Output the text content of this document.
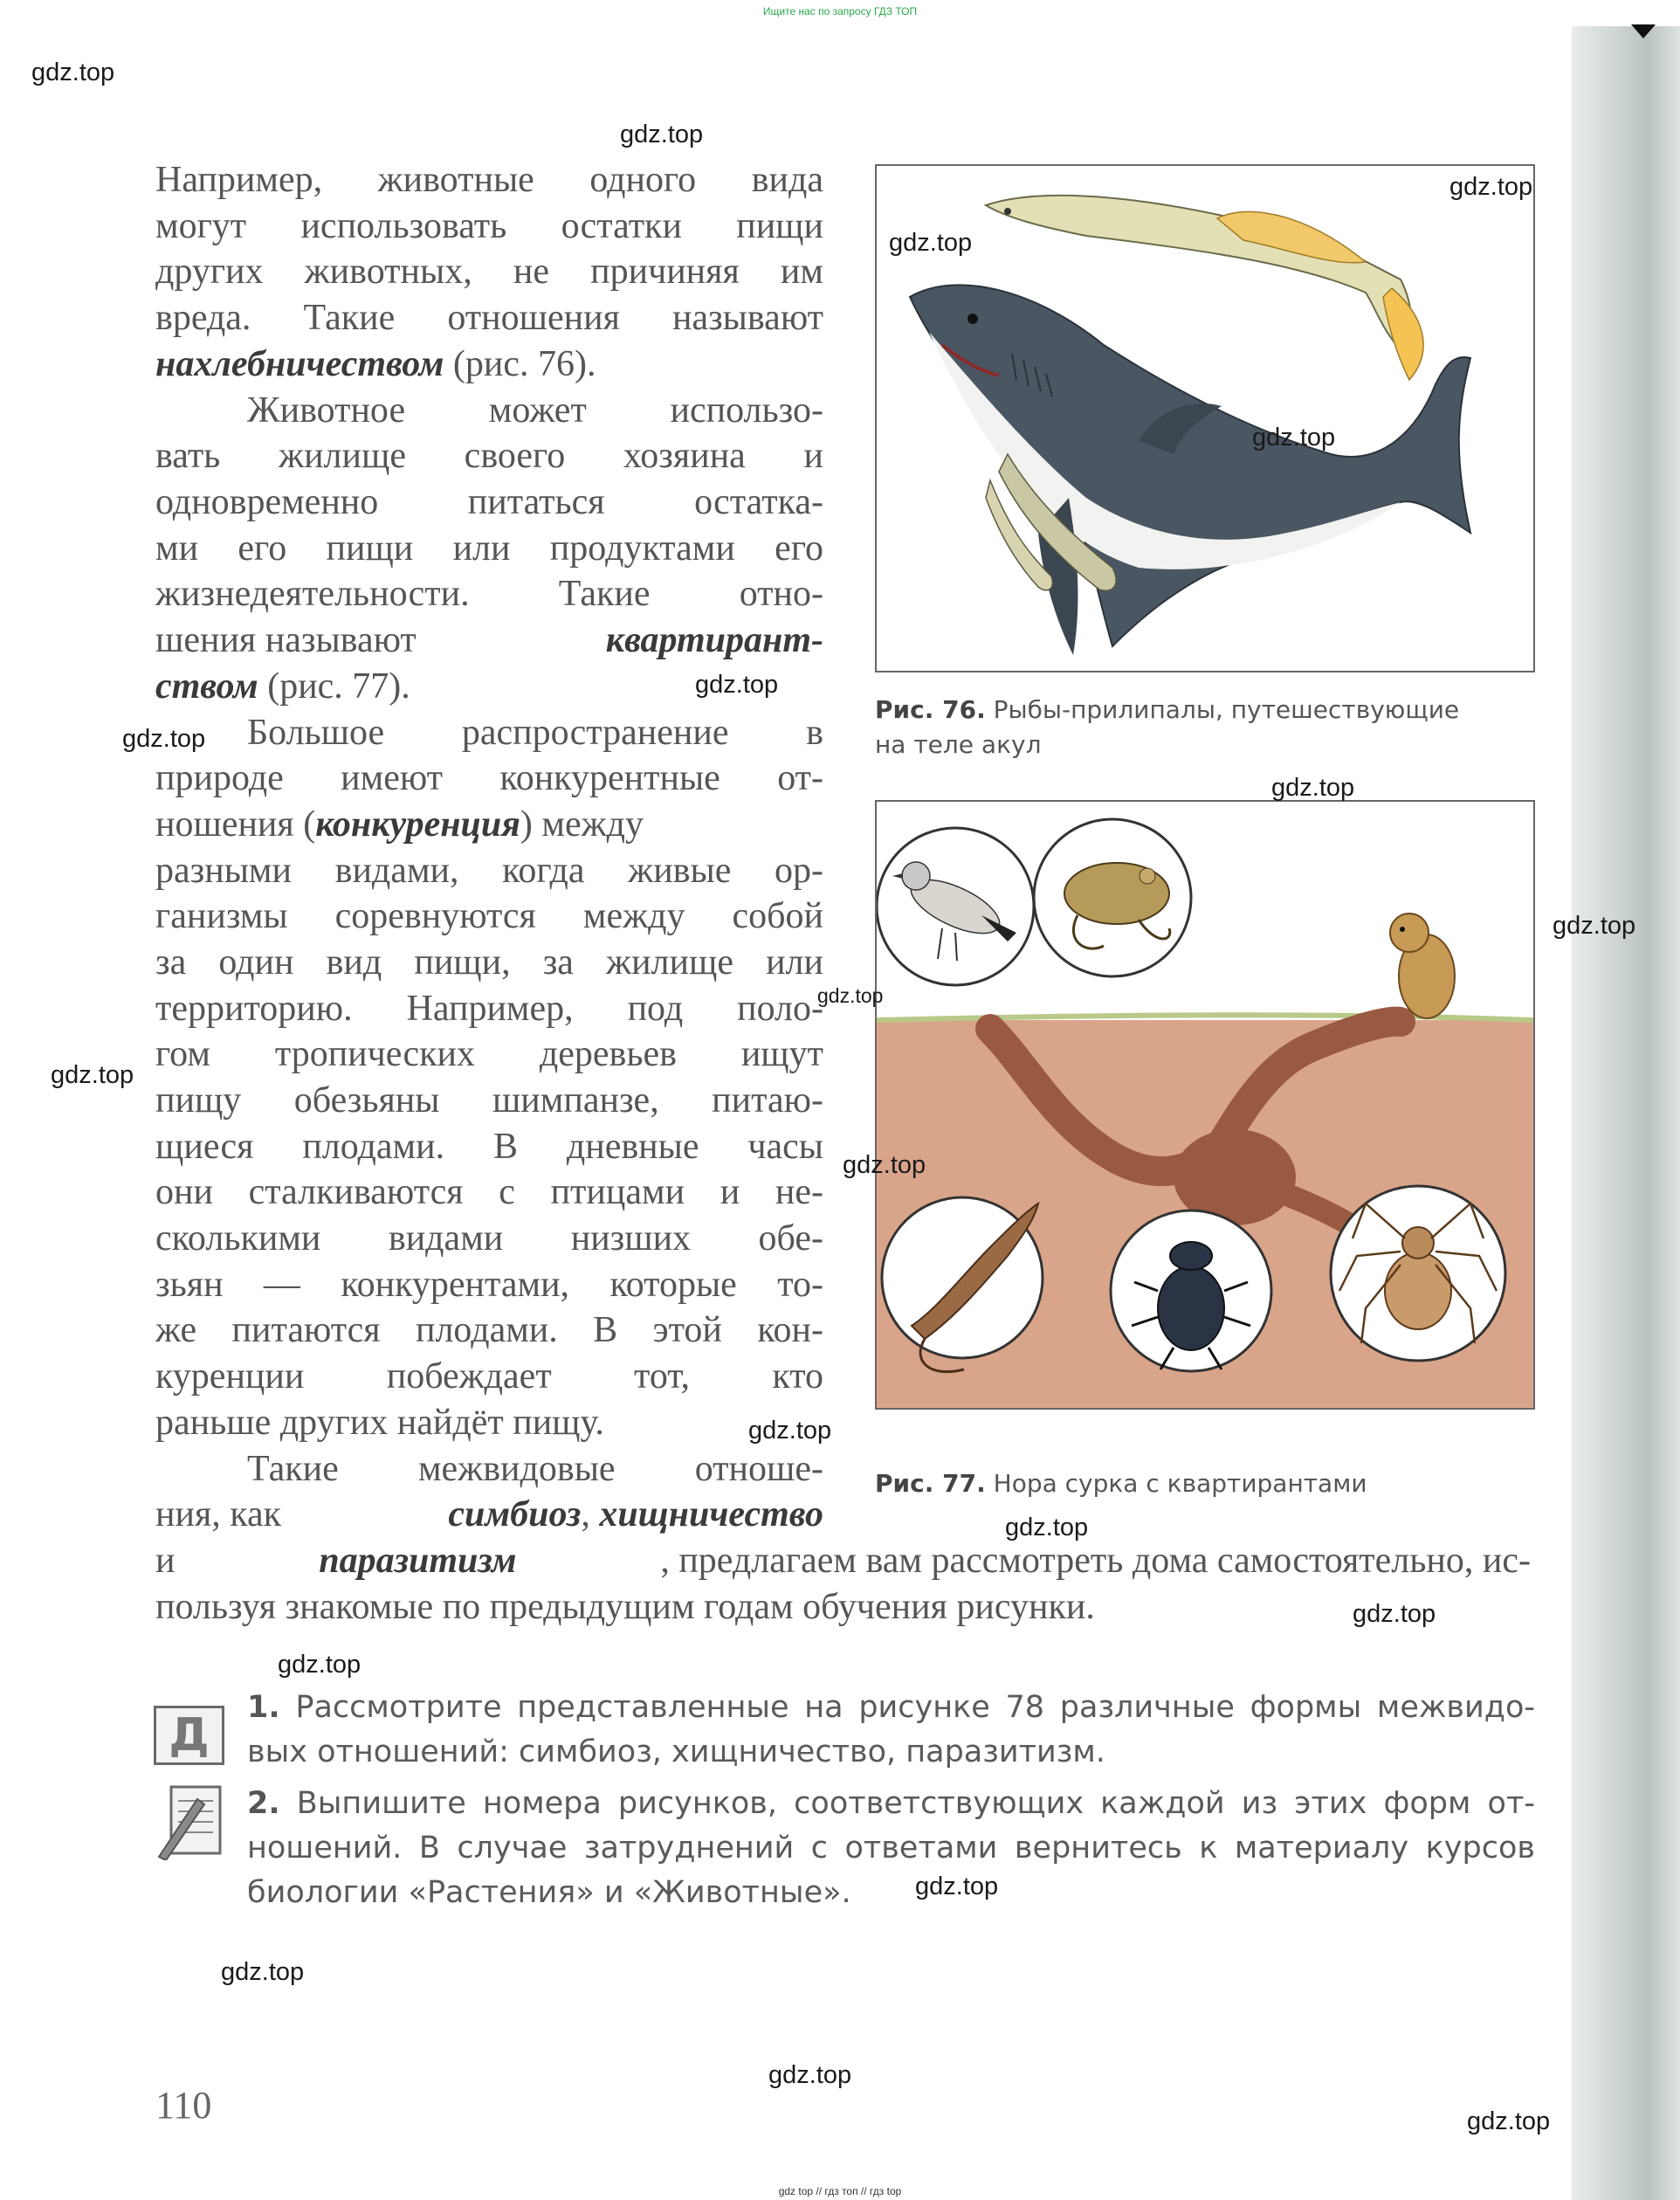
Ищите нас по запросу ГДЗ ТОП
Например, животные одного вида
могут использовать остатки пищи
других животных, не причиняя им
вреда. Такие отношения называют
нахлебничеством (рис. 76).
Животное может использо-
вать жилище своего хозяина и
одновременно питаться остатка-
ми его пищи или продуктами его
жизнедеятельности. Такие отно-
шения называют	квартирант-
ством (рис. 77).
Большое распространение в
природе имеют конкурентные от-
ношения (конкуренция) между
разными видами, когда живые ор-
ганизмы соревнуются между собой
за один вид пищи, за жилище или
территорию. Например, под поло-
гом тропических деревьев ищут
пищу обезьяны шимпанзе, питаю-
щиеся плодами. В дневные часы
они сталкиваются с птицами и не-
сколькими видами низших обе-
зьян — конкурентами, которые то-
же питаются плодами. В этой кон-
куренции побеждает тот, кто
раньше других найдёт пищу.
Такие межвидовые отноше-
ния, как	симбиоз, хищничество
и	паразитизм	, предлагаем вам рассмотреть дома самостоятельно, ис-
пользуя знакомые по предыдущим годам обучения рисунки.
Рис. 76. Рыбы-прилипалы, путешествующие
на теле акул
Рис. 77. Нора сурка с квартирантами
Д
1. Рассмотрите представленные на рисунке 78 различные формы межвидо-
вых отношений: симбиоз, хищничество, паразитизм.
2. Выпишите номера рисунков, соответствующих каждой из этих форм от-
ношений. В случае затруднений с ответами вернитесь к материалу курсов
биологии «Растения» и «Животные».
110
gdz.top
gdz.top
gdz.top
gdz.top
gdz.top
gdz.top
gdz.top
gdz.top
gdz.top
gdz.top
gdz.top
gdz.top
gdz.top
gdz.top
gdz.top
gdz.top
gdz.top
gdz.top
gdz.top
gdz.top
gdz top // гдз топ // гдз top
